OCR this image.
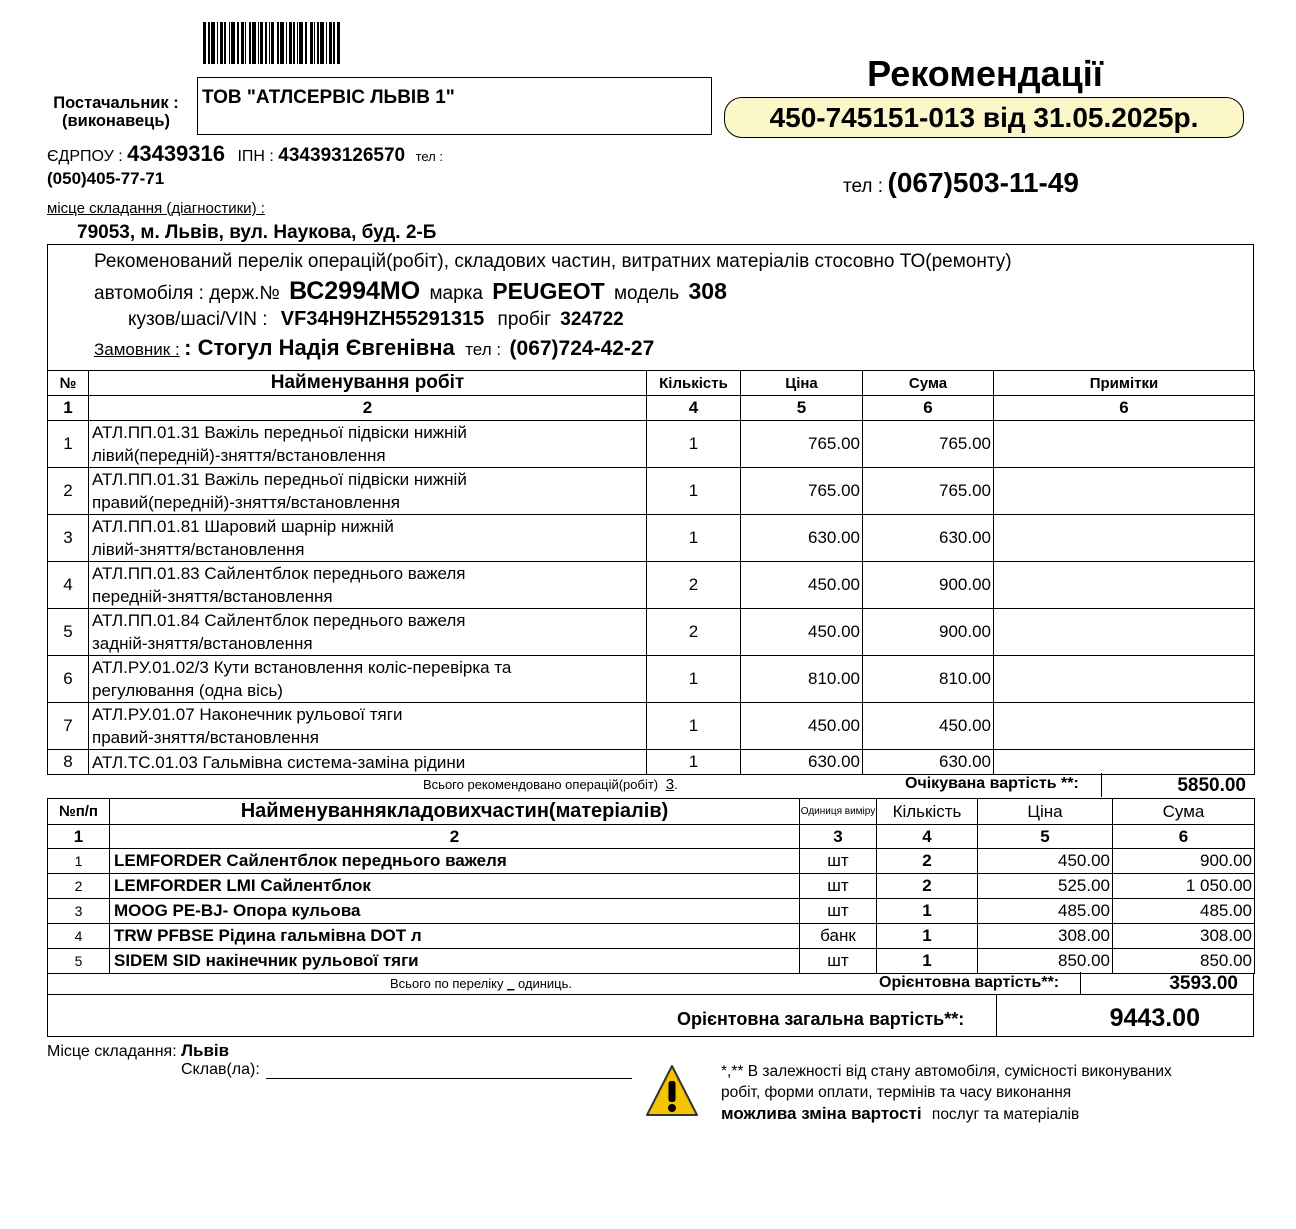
Постачальник :
(виконавець)
ТОВ "АТЛСЕРВІС ЛЬВІВ 1"
ЄДРПОУ : 43439316 ІПН : 434393126570 тел :
(050)405-77-71
місце складання (діагностики) :
79053, м. Львів, вул. Наукова, буд. 2-Б
Рекомендації
450-745151-013 від 31.05.2025р.
тел : (067)503-11-49
Рекоменований перелік операцій(робіт), складових частин, витратних матеріалів стосовно ТО(ремонту)
автомобіля : держ.№ ВС2994МО марка PEUGEOT модель 308
кузов/шасі/VIN : VF34H9HZH55291315 пробіг 324722
Замовник : : Стогул Надія Євгенівна тел : (067)724-42-27
№	Найменування робіт	Кількість	Ціна	Сума	Примітки
1	2	4	5	6	6
1	АТЛ.ПП.01.31 Важіль передньої підвіски нижній
лівий(передній)-зняття/встановлення	1	765.00	765.00	
2	АТЛ.ПП.01.31 Важіль передньої підвіски нижній
правий(передній)-зняття/встановлення	1	765.00	765.00	
3	АТЛ.ПП.01.81 Шаровий шарнір нижній
лівий-зняття/встановлення	1	630.00	630.00	
4	АТЛ.ПП.01.83 Сайлентблок переднього важеля
передній-зняття/встановлення	2	450.00	900.00	
5	АТЛ.ПП.01.84 Сайлентблок переднього важеля
задній-зняття/встановлення	2	450.00	900.00	
6	АТЛ.РУ.01.02/3 Кути встановлення коліс-перевірка та
регулювання (одна вісь)	1	810.00	810.00	
7	АТЛ.РУ.01.07 Наконечник рульової тяги
правий-зняття/встановлення	1	450.00	450.00	
8	АТЛ.ТС.01.03 Гальмівна система-заміна рідини	1	630.00	630.00	
Всього рекомендовано операцій(робіт) 3.	Очікувана вартість **:	5850.00
№п/п	Найменуваннякладовихчастин(матеріалів)	Одиниця виміру	Кількість	Ціна	Сума
1	2	3	4	5	6
1	LEMFORDER Сайлентблок переднього важеля	шт	2	450.00	900.00
2	LEMFORDER LMI Сайлентблок	шт	2	525.00	1 050.00
3	MOOG PE-BJ- Опора кульова	шт	1	485.00	485.00
4	TRW PFBSE Рідина гальмівна DOT л	банк	1	308.00	308.00
5	SIDEM SID накінечник рульової тяги	шт	1	850.00	850.00
Всього по переліку _ одиниць.	Орієнтовна вартість**:	3593.00
Орієнтовна загальна вартість**:	9443.00
Місце складання: Львів
Склав(ла):	*,** В залежності від стану автомобіля, сумісності виконуваних
робіт, форми оплати, термінів та часу виконання
можлива зміна вартості послуг та матеріалів
